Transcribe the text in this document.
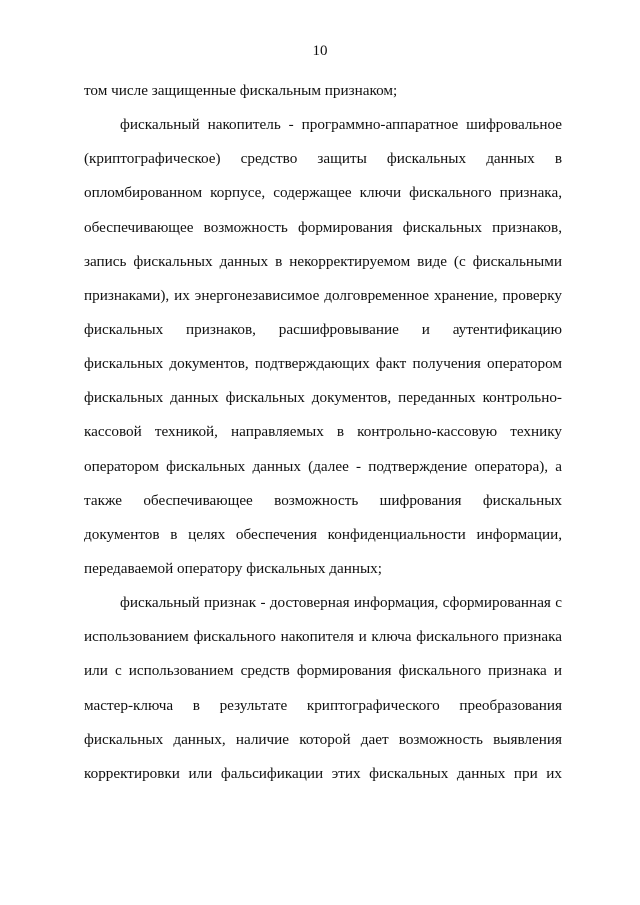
10
том числе защищенные фискальным признаком;
фискальный накопитель - программно-аппаратное шифровальное
(криптографическое) средство защиты фискальных данных в
опломбированном корпусе, содержащее ключи фискального признака,
обеспечивающее возможность формирования фискальных признаков,
запись фискальных данных в некорректируемом виде (с фискальными
признаками), их энергонезависимое долговременное хранение, проверку
фискальных признаков, расшифровывание и аутентификацию
фискальных документов, подтверждающих факт получения оператором
фискальных данных фискальных документов, переданных контрольно-
кассовой техникой, направляемых в контрольно-кассовую технику
оператором фискальных данных (далее - подтверждение оператора), а
также обеспечивающее возможность шифрования фискальных
документов в целях обеспечения конфиденциальности информации,
передаваемой оператору фискальных данных;
фискальный признак - достоверная информация, сформированная с
использованием фискального накопителя и ключа фискального признака
или с использованием средств формирования фискального признака и
мастер-ключа в результате криптографического преобразования
фискальных данных, наличие которой дает возможность выявления
корректировки или фальсификации этих фискальных данных при их
